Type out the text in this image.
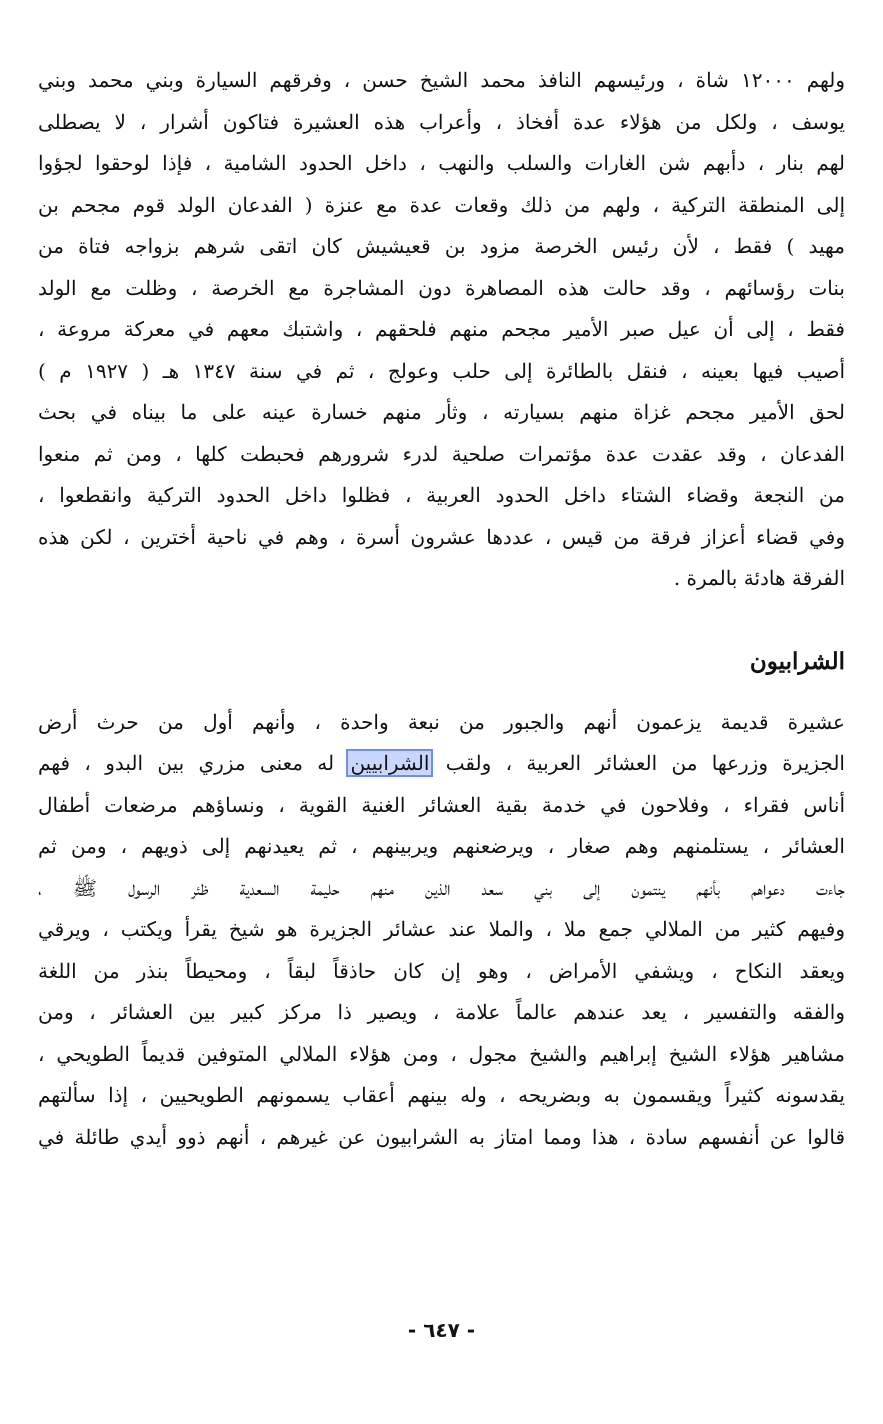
ولهم ١٢٠٠٠ شاة ، ورئيسهم النافذ محمد الشيخ حسن ، وفرقهم السيارة وبني محمد وبني
يوسف ، ولكل من هؤلاء عدة أفخاذ ، وأعراب هذه العشيرة فتاكون أشرار ، لا يصطلى
لهم بنار ، دأبهم شن الغارات والسلب والنهب ، داخل الحدود الشامية ، فإذا لوحقوا لجؤوا
إلى المنطقة التركية ، ولهم من ذلك وقعات عدة مع عنزة ( الفدعان الولد قوم مجحم بن
مهيد ) فقط ، لأن رئيس الخرصة مزود بن قعيشيش كان اتقى شرهم بزواجه فتاة من
بنات رؤسائهم ، وقد حالت هذه المصاهرة دون المشاجرة مع الخرصة ، وظلت مع الولد
فقط ، إلى أن عيل صبر الأمير مجحم منهم فلحقهم ، واشتبك معهم في معركة مروعة ،
أصيب فيها بعينه ، فنقل بالطائرة إلى حلب وعولج ، ثم في سنة ١٣٤٧ هـ ( ١٩٢٧ م )
لحق الأمير مجحم غزاة منهم بسيارته ، وثأر منهم خسارة عينه على ما بيناه في بحث
الفدعان ، وقد عقدت عدة مؤتمرات صلحية لدرء شرورهم فحبطت كلها ، ومن ثم منعوا
من النجعة وقضاء الشتاء داخل الحدود العربية ، فظلوا داخل الحدود التركية وانقطعوا ،
وفي قضاء أعزاز فرقة من قيس ، عددها عشرون أسرة ، وهم في ناحية أخترين ، لكن هذه
الفرقة هادئة بالمرة .
الشرابيون
عشيرة قديمة يزعمون أنهم والجبور من نبعة واحدة ، وأنهم أول من حرث أرض
الجزيرة وزرعها من العشائر العربية ، ولقب الشرابيين له معنى مزري بين البدو ، فهم
أناس فقراء ، وفلاحون في خدمة بقية العشائر الغنية القوية ، ونساؤهم مرضعات أطفال
العشائر ، يستلمنهم وهم صغار ، ويرضعنهم ويربينهم ، ثم يعيدنهم إلى ذويهم ، ومن ثم
جاءت دعواهم بأنهم ينتمون إلى بني سعد الذين منهم حليمة السعدية ظئر الرسول ﷺ ،
وفيهم كثير من الملالي جمع ملا ، والملا عند عشائر الجزيرة هو شيخ يقرأ ويكتب ، ويرقي
ويعقد النكاح ، ويشفي الأمراض ، وهو إن كان حاذقاً لبقاً ، ومحيطاً بنذر من اللغة
والفقه والتفسير ، يعد عندهم عالماً علامة ، ويصير ذا مركز كبير بين العشائر ، ومن
مشاهير هؤلاء الشيخ إبراهيم والشيخ مجول ، ومن هؤلاء الملالي المتوفين قديماً الطويحي ،
يقدسونه كثيراً ويقسمون به وبضريحه ، وله بينهم أعقاب يسمونهم الطويحيين ، إذا سألتهم
قالوا عن أنفسهم سادة ، هذا ومما امتاز به الشرابيون عن غيرهم ، أنهم ذوو أيدي طائلة في
- ٦٤٧ -
